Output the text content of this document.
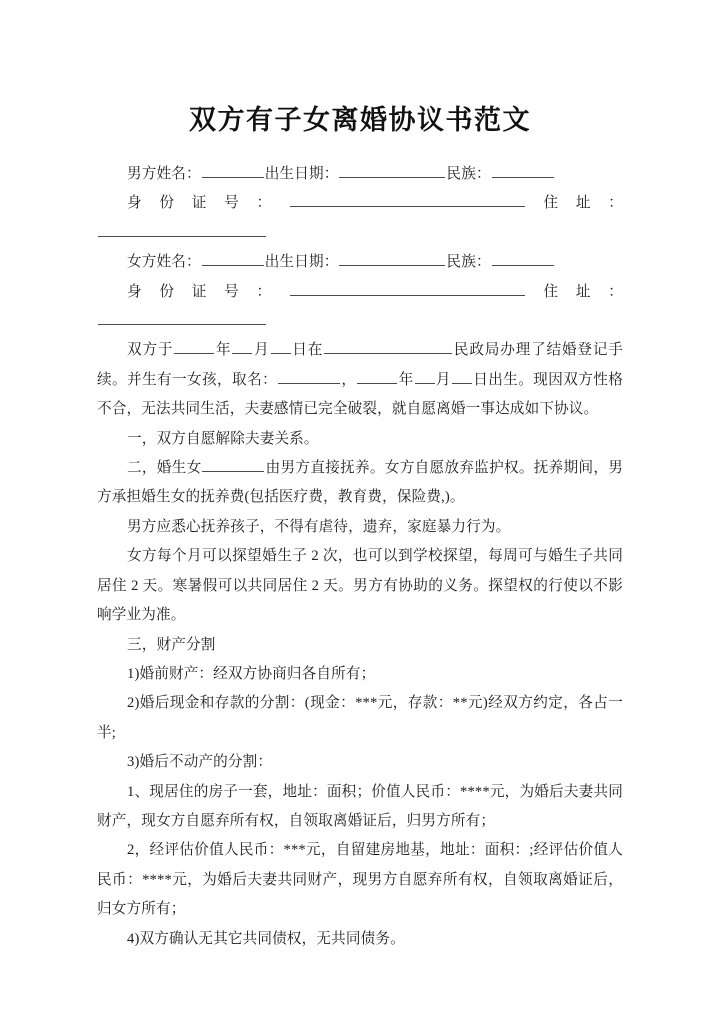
双方有子女离婚协议书范文

男方姓名：	出生日期：	民族：

身份证号：	住址：

女方姓名：	出生日期：	民族：

身份证号：	住址：

双方于	年 月 日在	民政局办理了结婚登记手续。并生有一女孩，取名：	，	年 月 日出生。现因双方性格不合，无法共同生活，夫妻感情已完全破裂，就自愿离婚一事达成如下协议。

一，双方自愿解除夫妻关系。

二，婚生女	由男方直接抚养。女方自愿放弃监护权。抚养期间，男方承担婚生女的抚养费(包括医疗费，教育费，保险费,)。

男方应悉心抚养孩子，不得有虐待，遗弃，家庭暴力行为。

女方每个月可以探望婚生子 2 次，也可以到学校探望，每周可与婚生子共同居住 2 天。寒暑假可以共同居住 2 天。男方有协助的义务。探望权的行使以不影响学业为准。

三，财产分割

1)婚前财产：经双方协商归各自所有；

2)婚后现金和存款的分割：(现金：***元，存款：**元)经双方约定，各占一半;

3)婚后不动产的分割：

1、现居住的房子一套，地址：面积；价值人民币：****元，为婚后夫妻共同财产，现女方自愿弃所有权，自领取离婚证后，归男方所有；

2，经评估价值人民币：***元，自留建房地基，地址：面积：;经评估价值人民币：****元，为婚后夫妻共同财产，现男方自愿弃所有权，自领取离婚证后，归女方所有；

4)双方确认无其它共同债权，无共同债务。
